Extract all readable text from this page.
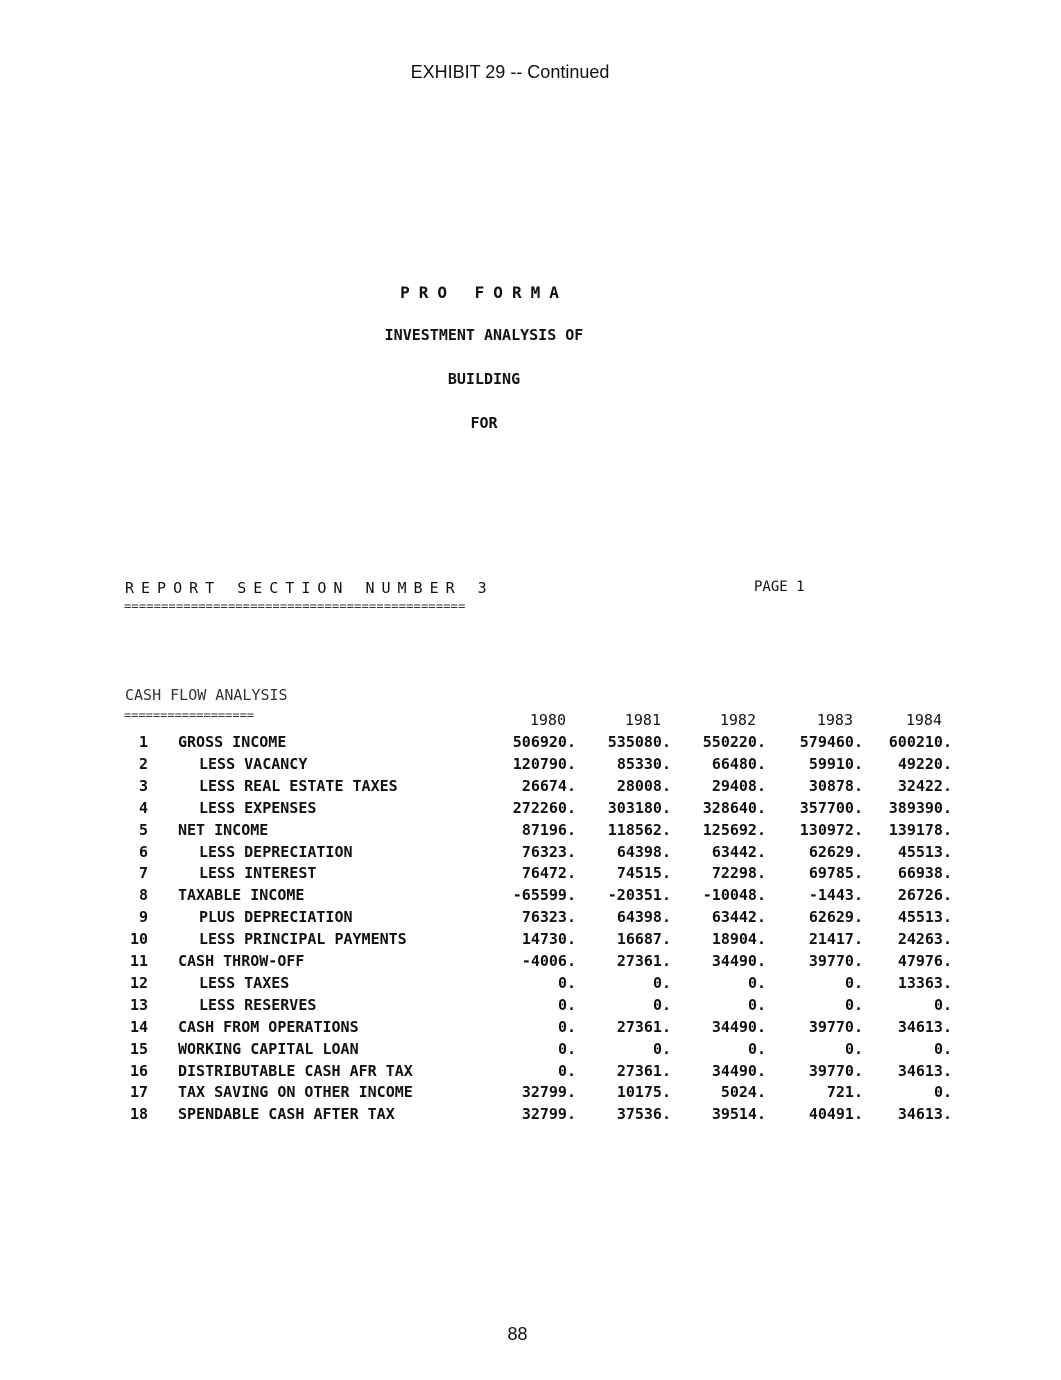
EXHIBIT 29 -- Continued
PRO FORMA
INVESTMENT ANALYSIS OF
BUILDING
FOR
REPORT SECTION NUMBER 3	PAGE 1
==============================================
CASH FLOW ANALYSIS
==================	1980	1981	1982	1983	1984
1 GROSS INCOME	506920.	535080.	550220.	579460.	600210.
2	LESS VACANCY	120790.	85330.	66480.	59910.	49220.
3	LESS REAL ESTATE TAXES	26674.	28008.	29408.	30878.	32422.
4	LESS EXPENSES	272260.	303180.	328640.	357700.	389390.
5 NET INCOME	87196.	118562.	125692.	130972.	139178.
6	LESS DEPRECIATION	76323.	64398.	63442.	62629.	45513.
7	LESS INTEREST	76472.	74515.	72298.	69785.	66938.
8 TAXABLE INCOME	-65599.	-20351.	-10048.	-1443.	26726.
9	PLUS DEPRECIATION	76323.	64398.	63442.	62629.	45513.
10	LESS PRINCIPAL PAYMENTS	14730.	16687.	18904.	21417.	24263.
11 CASH THROW-OFF	-4006.	27361.	34490.	39770.	47976.
12	LESS TAXES	0.	0.	0.	0.	13363.
13	LESS RESERVES	0.	0.	0.	0.	0.
14 CASH FROM OPERATIONS	0.	27361.	34490.	39770.	34613.
15 WORKING CAPITAL LOAN	0.	0.	0.	0.	0.
16 DISTRIBUTABLE CASH AFR TAX	0.	27361.	34490.	39770.	34613.
17 TAX SAVING ON OTHER INCOME	32799.	10175.	5024.	721.	0.
18 SPENDABLE CASH AFTER TAX	32799.	37536.	39514.	40491.	34613.
88
